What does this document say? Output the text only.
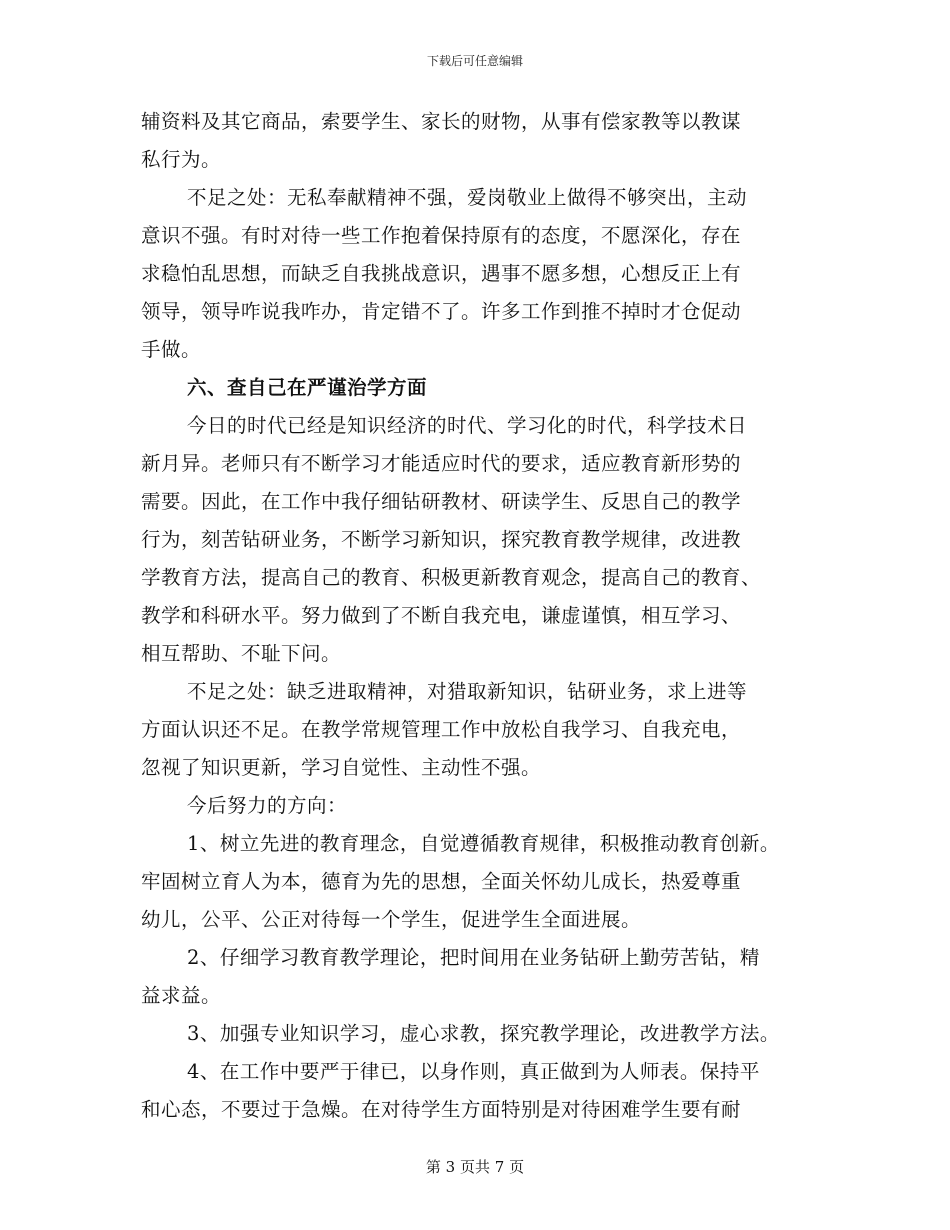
下载后可任意编辑
辅资料及其它商品，索要学生、家长的财物，从事有偿家教等以教谋
私行为。
不足之处：无私奉献精神不强，爱岗敬业上做得不够突出，主动
意识不强。有时对待一些工作抱着保持原有的态度，不愿深化，存在
求稳怕乱思想，而缺乏自我挑战意识，遇事不愿多想，心想反正上有
领导，领导咋说我咋办，肯定错不了。许多工作到推不掉时才仓促动
手做。
六、查自己在严谨治学方面
今日的时代已经是知识经济的时代、学习化的时代，科学技术日
新月异。老师只有不断学习才能适应时代的要求，适应教育新形势的
需要。因此，在工作中我仔细钻研教材、研读学生、反思自己的教学
行为，刻苦钻研业务，不断学习新知识，探究教育教学规律，改进教
学教育方法，提高自己的教育、积极更新教育观念，提高自己的教育、
教学和科研水平。努力做到了不断自我充电，谦虚谨慎，相互学习、
相互帮助、不耻下问。
不足之处：缺乏进取精神，对猎取新知识，钻研业务，求上进等
方面认识还不足。在教学常规管理工作中放松自我学习、自我充电，
忽视了知识更新，学习自觉性、主动性不强。
今后努力的方向：
1、树立先进的教育理念，自觉遵循教育规律，积极推动教育创新。
牢固树立育人为本，德育为先的思想，全面关怀幼儿成长，热爱尊重
幼儿，公平、公正对待每一个学生，促进学生全面进展。
2、仔细学习教育教学理论，把时间用在业务钻研上勤劳苦钻，精
益求益。
3、加强专业知识学习，虚心求教，探究教学理论，改进教学方法。
4、在工作中要严于律已，以身作则，真正做到为人师表。保持平
和心态，不要过于急燥。在对待学生方面特别是对待困难学生要有耐
第 3 页共 7 页
